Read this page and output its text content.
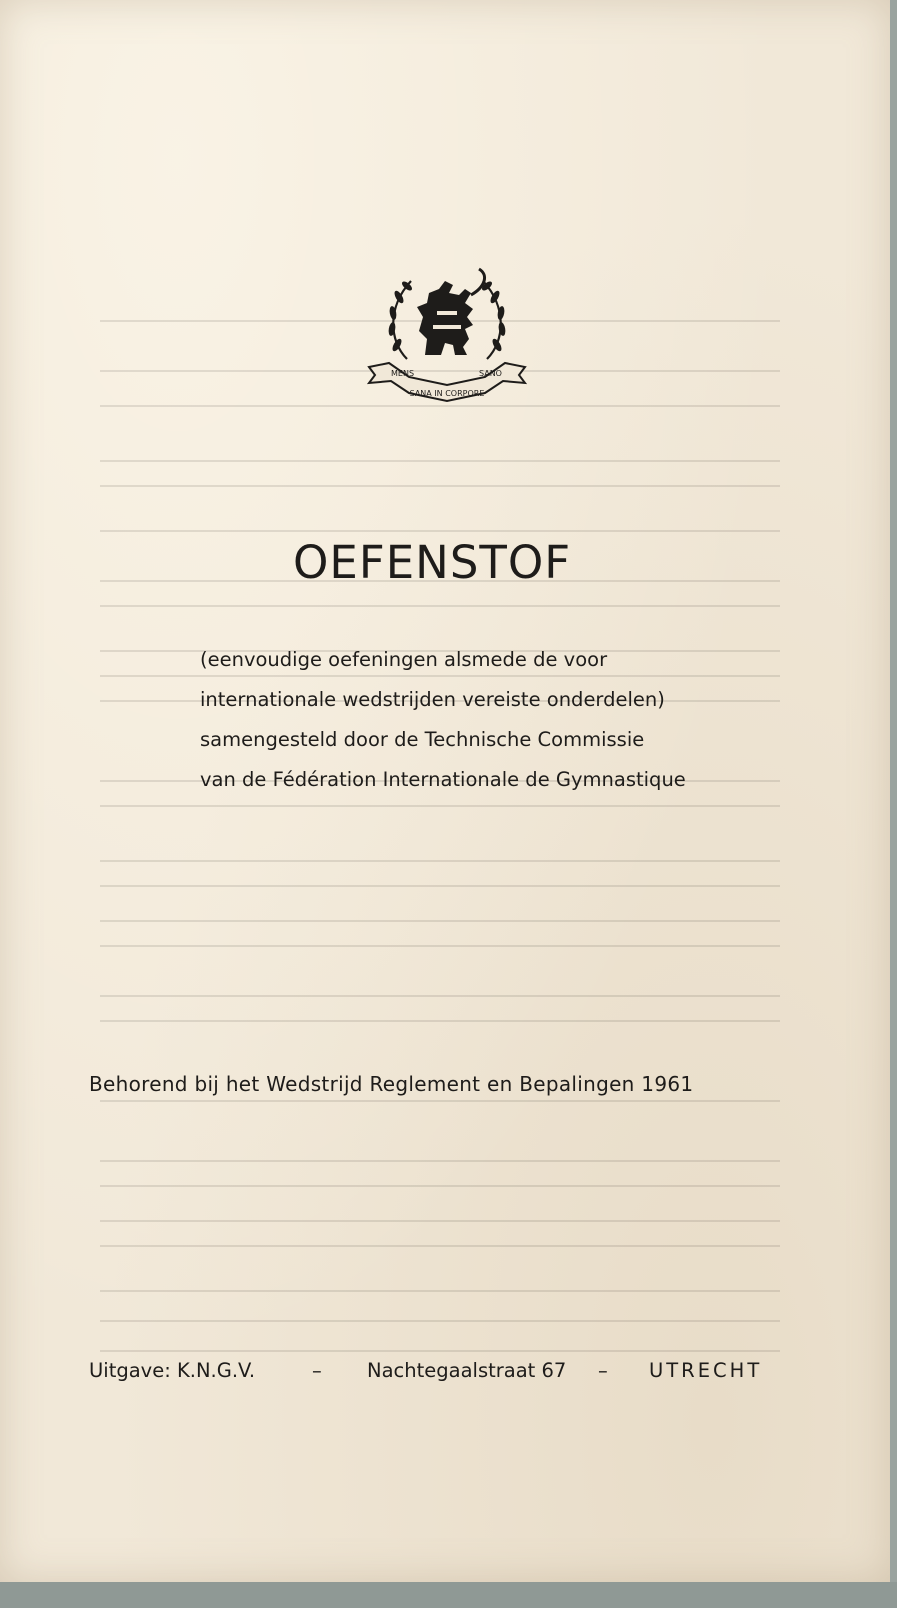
MENS	SANO
SANA IN CORPORE
OEFENSTOF

(eenvoudige oefeningen alsmede de voor

internationale wedstrijden vereiste onderdelen)

samengesteld door de Technische Commissie

van de Fédération Internationale de Gymnastique

Behorend bij het Wedstrijd Reglement en Bepalingen 1961

Uitgave: K.N.G.V.	– Nachtegaalstraat 67 – UTRECHT
